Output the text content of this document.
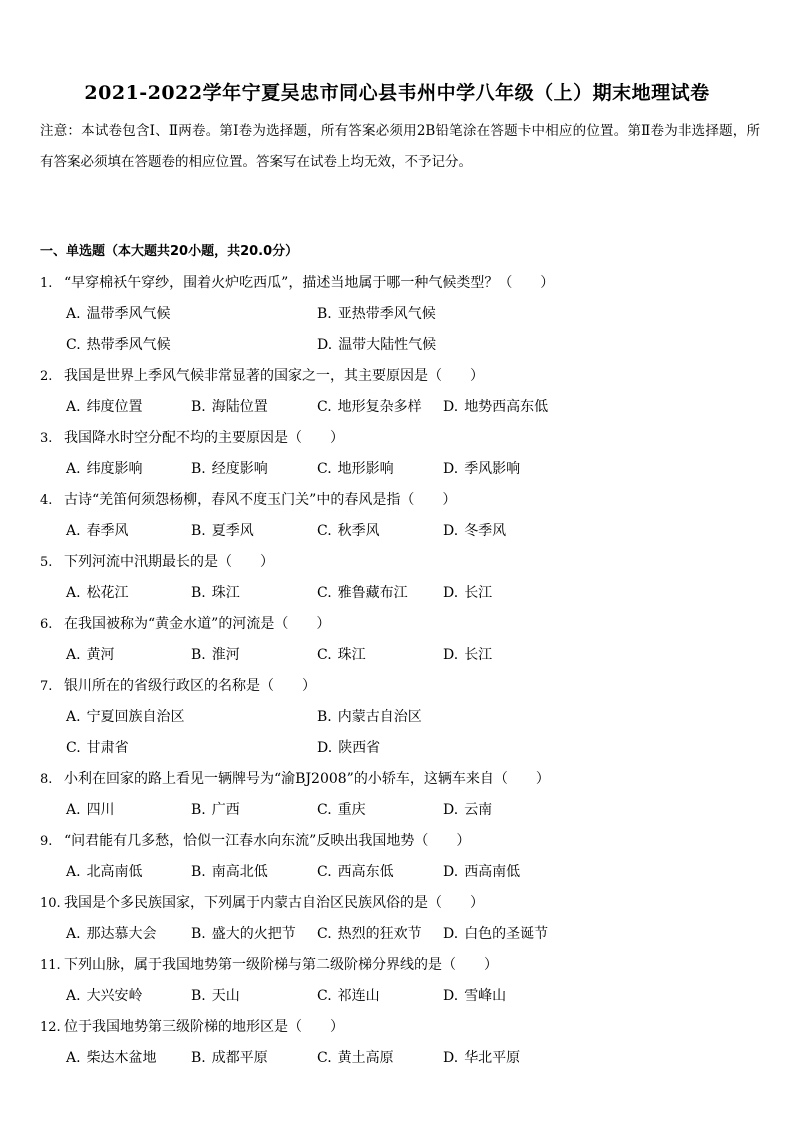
2021-2022学年宁夏吴忠市同心县韦州中学八年级（上）期末地理试卷
注意：本试卷包含Ⅰ、Ⅱ两卷。第Ⅰ卷为选择题，所有答案必须用2B铅笔涂在答题卡中相应的位置。第Ⅱ卷为非选择题，所有答案必须填在答题卷的相应位置。答案写在试卷上均无效，不予记分。
一、单选题（本大题共20小题，共20.0分）
1. “早穿棉袄午穿纱，围着火炉吃西瓜”，描述当地属于哪一种气候类型？（　　）
A. 温带季风气候	B. 亚热带季风气候
C. 热带季风气候	D. 温带大陆性气候
2. 我国是世界上季风气候非常显著的国家之一，其主要原因是（　　）
A. 纬度位置	B. 海陆位置	C. 地形复杂多样 D. 地势西高东低
3. 我国降水时空分配不均的主要原因是（　　）
A. 纬度影响	B. 经度影响	C. 地形影响	D. 季风影响
4. 古诗“羌笛何须怨杨柳，春风不度玉门关”中的春风是指（　　）
A. 春季风	B. 夏季风	C. 秋季风	D. 冬季风
5. 下列河流中汛期最长的是（　　）
A. 松花江	B. 珠江	C. 雅鲁藏布江	D. 长江
6. 在我国被称为“黄金水道”的河流是（　　）
A. 黄河	B. 淮河	C. 珠江	D. 长江
7. 银川所在的省级行政区的名称是（　　）
A. 宁夏回族自治区	B. 内蒙古自治区
C. 甘肃省	D. 陕西省
8. 小利在回家的路上看见一辆牌号为“渝BJ2008”的小轿车，这辆车来自（　　）
A. 四川	B. 广西	C. 重庆	D. 云南
9. “问君能有几多愁，恰似一江春水向东流”反映出我国地势（　　）
A. 北高南低	B. 南高北低	C. 西高东低	D. 西高南低
10. 我国是个多民族国家，下列属于内蒙古自治区民族风俗的是（　　）
A. 那达慕大会 B. 盛大的火把节 C. 热烈的狂欢节 D. 白色的圣诞节
11. 下列山脉，属于我国地势第一级阶梯与第二级阶梯分界线的是（　　）
A. 大兴安岭	B. 天山	C. 祁连山	D. 雪峰山
12. 位于我国地势第三级阶梯的地形区是（　　）
A. 柴达木盆地 B. 成都平原	C. 黄土高原	D. 华北平原
